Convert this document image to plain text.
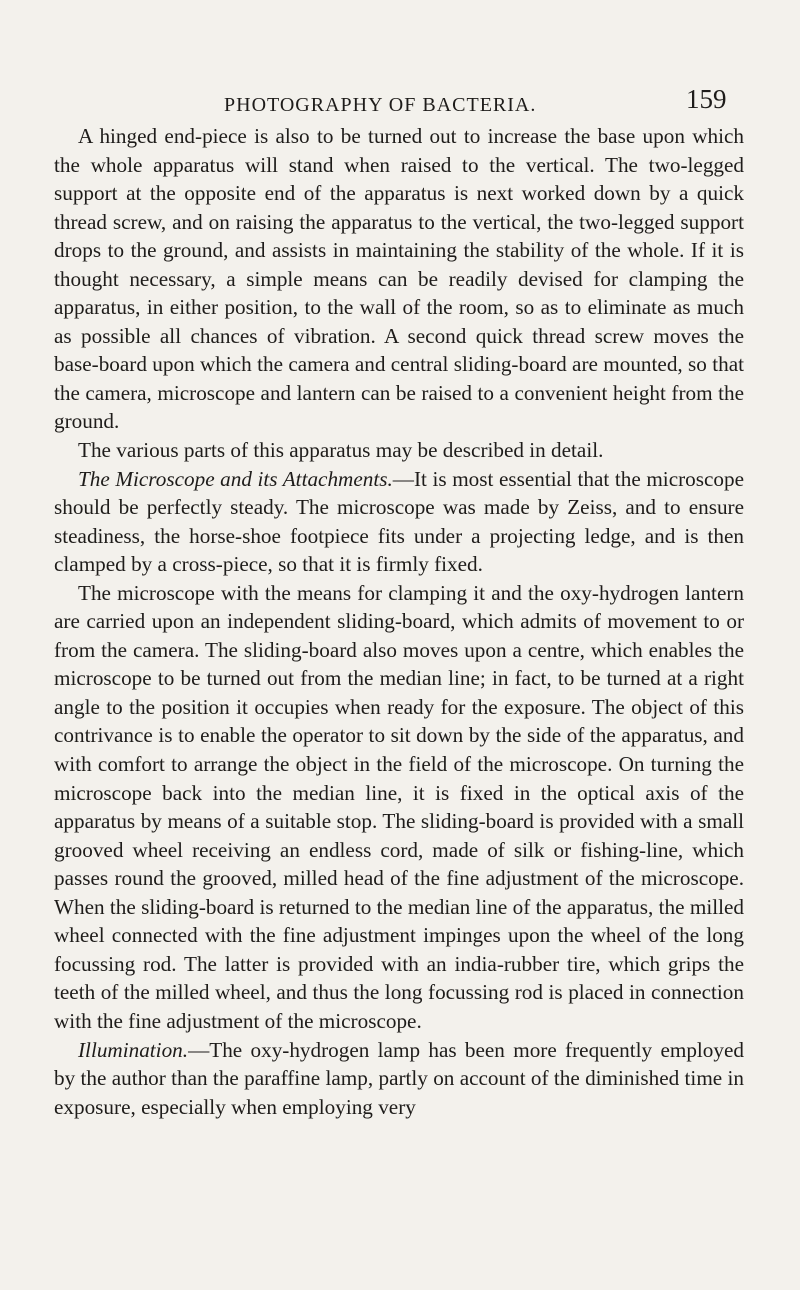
PHOTOGRAPHY OF BACTERIA.	159

A hinged end-piece is also to be turned out to increase the base upon which the whole apparatus will stand when raised to the vertical. The two-legged support at the opposite end of the apparatus is next worked down by a quick thread screw, and on raising the apparatus to the vertical, the two-legged support drops to the ground, and assists in maintaining the stability of the whole. If it is thought necessary, a simple means can be readily devised for clamping the apparatus, in either position, to the wall of the room, so as to eliminate as much as possible all chances of vibration. A second quick thread screw moves the base-board upon which the camera and central sliding-board are mounted, so that the camera, microscope and lantern can be raised to a convenient height from the ground.

The various parts of this apparatus may be described in detail.

The Microscope and its Attachments.—It is most essential that the microscope should be perfectly steady. The microscope was made by Zeiss, and to ensure steadiness, the horse-shoe footpiece fits under a projecting ledge, and is then clamped by a cross-piece, so that it is firmly fixed.

The microscope with the means for clamping it and the oxy-hydrogen lantern are carried upon an independent sliding-board, which admits of movement to or from the camera. The sliding-board also moves upon a centre, which enables the microscope to be turned out from the median line; in fact, to be turned at a right angle to the position it occupies when ready for the exposure. The object of this contrivance is to enable the operator to sit down by the side of the apparatus, and with comfort to arrange the object in the field of the microscope. On turning the microscope back into the median line, it is fixed in the optical axis of the apparatus by means of a suitable stop. The sliding-board is provided with a small grooved wheel receiving an endless cord, made of silk or fishing-line, which passes round the grooved, milled head of the fine adjustment of the microscope. When the sliding-board is returned to the median line of the apparatus, the milled wheel connected with the fine adjustment impinges upon the wheel of the long focussing rod. The latter is provided with an india-rubber tire, which grips the teeth of the milled wheel, and thus the long focussing rod is placed in connection with the fine adjustment of the microscope.

Illumination.—The oxy-hydrogen lamp has been more frequently employed by the author than the paraffine lamp, partly on account of the diminished time in exposure, especially when employing very
